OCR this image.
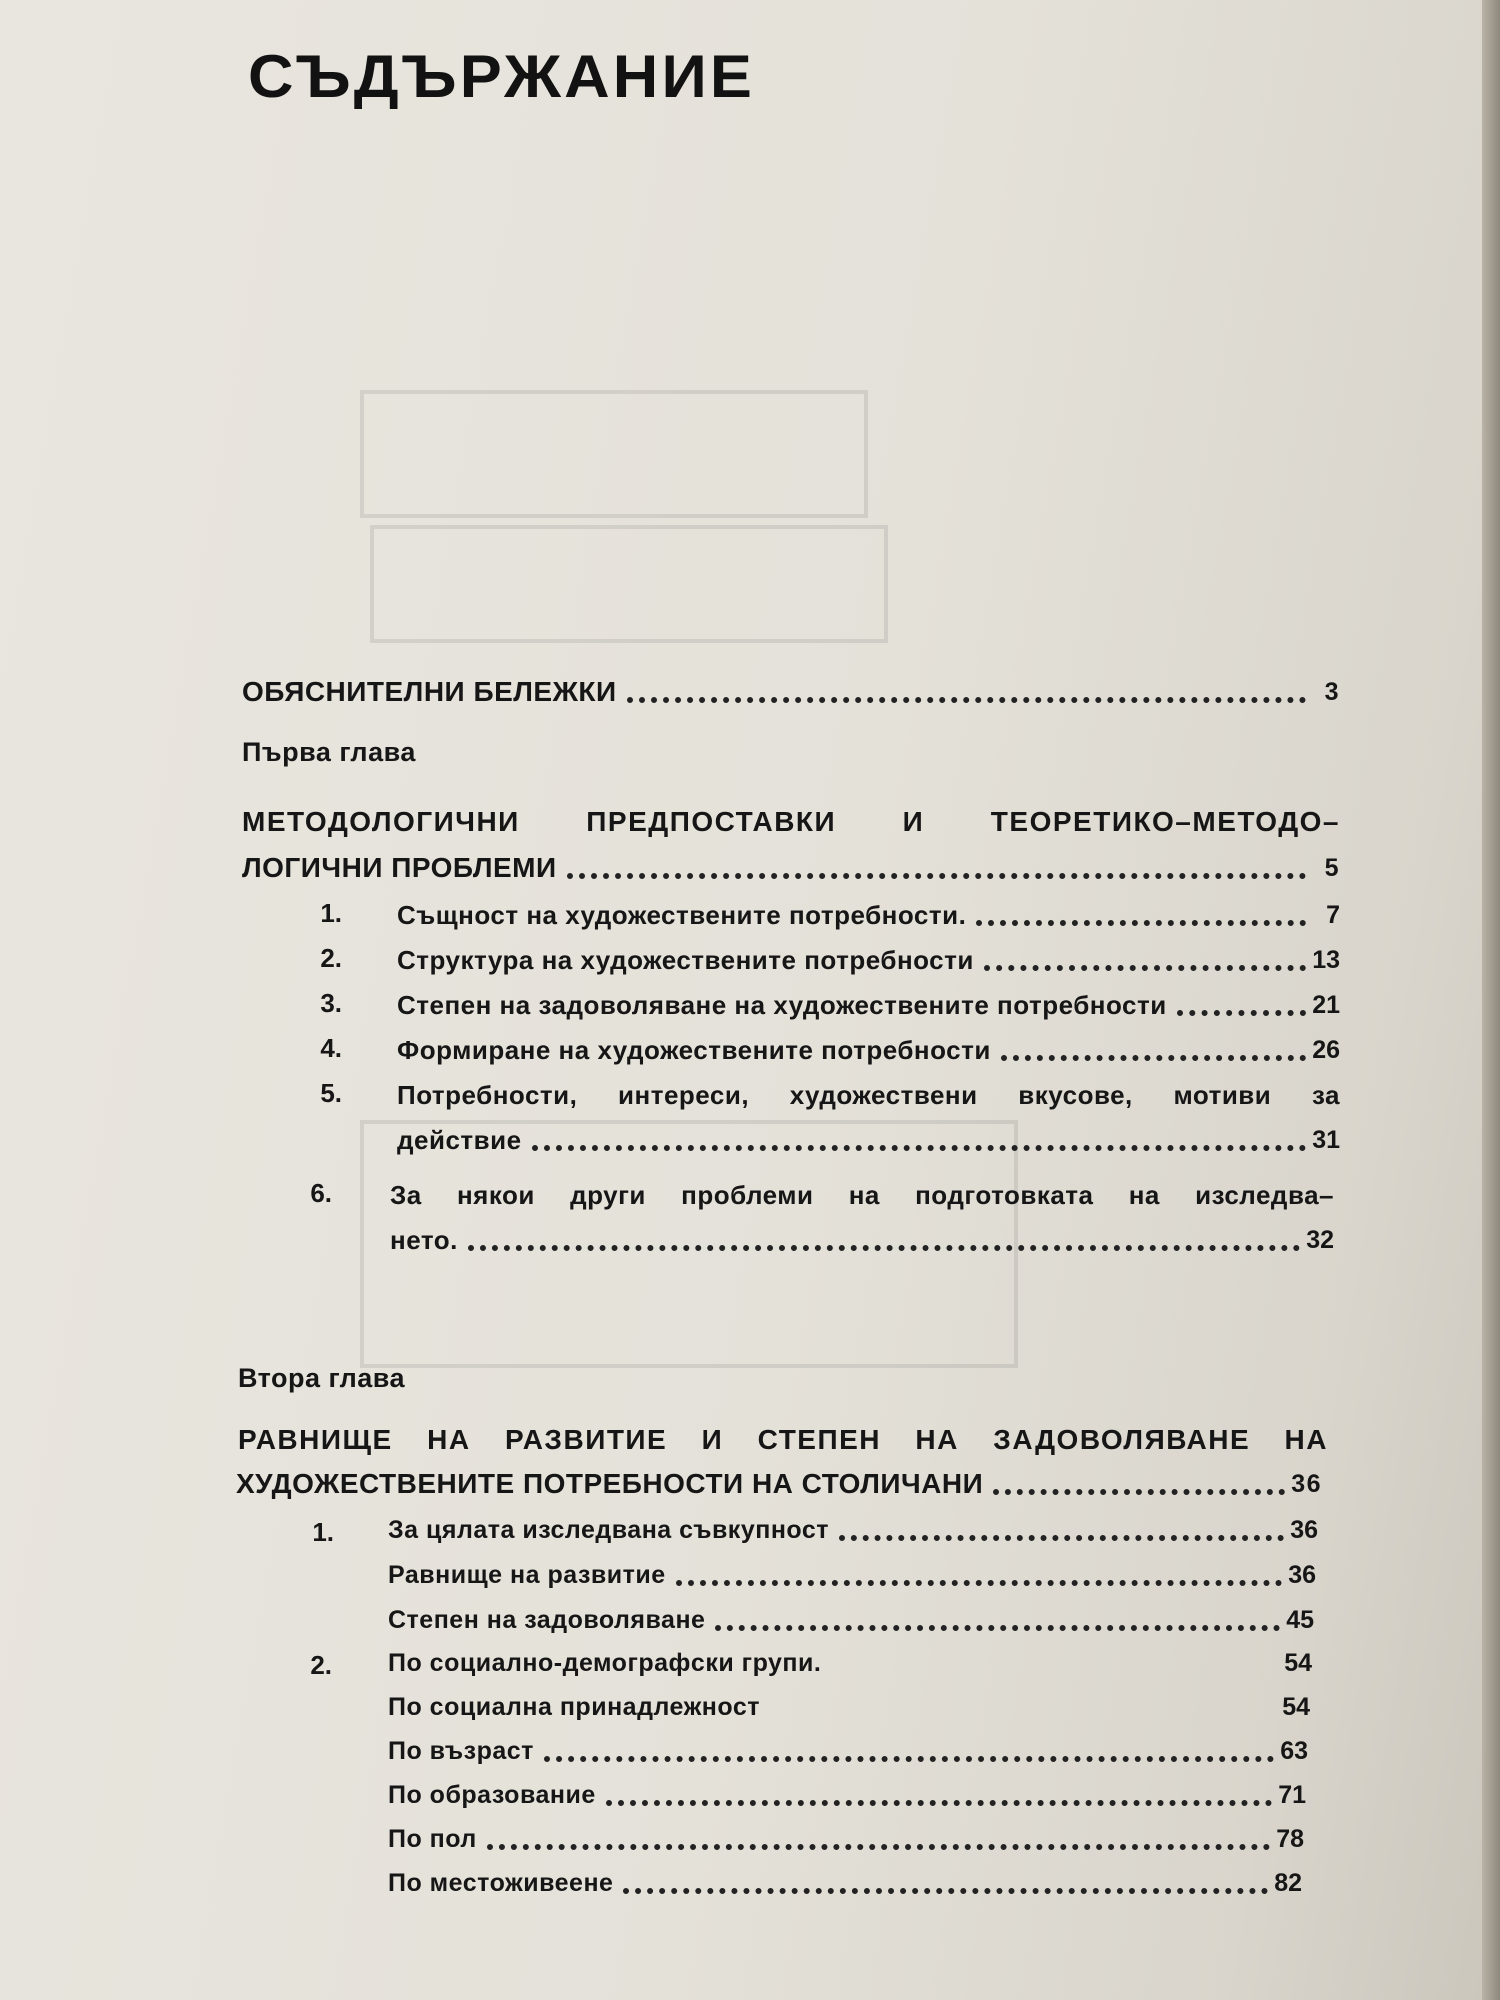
СЪДЪРЖАНИЕ
ОБЯСНИТЕЛНИ БЕЛЕЖКИ	3
Първа глава
МЕТОДОЛОГИЧНИ ПРЕДПОСТАВКИ И ТЕОРЕТИКО–МЕТОДО–
ЛОГИЧНИ ПРОБЛЕМИ	5
1. Същност на художествените потребности.	7
2. Структура на художествените потребности	13
3. Степен на задоволяване на художествените потребности	21
4. Формиране на художествените потребности	26
5. Потребности, интереси, художествени вкусове, мотиви за
действие	31
6. За някои други проблеми на подготовката на изследва–
нето.	32
Втора глава
РАВНИЩЕ НА РАЗВИТИЕ И СТЕПЕН НА ЗАДОВОЛЯВАНЕ НА
ХУДОЖЕСТВЕНИТЕ ПОТРЕБНОСТИ НА СТОЛИЧАНИ	36
1. За цялата изследвана съвкупност	36
Равнище на развитие	36
Степен на задоволяване	45
2. По социално-демографски групи.	54
По социална принадлежност	54
По възраст	63
По образование	71
По пол	78
По местоживеене	82
